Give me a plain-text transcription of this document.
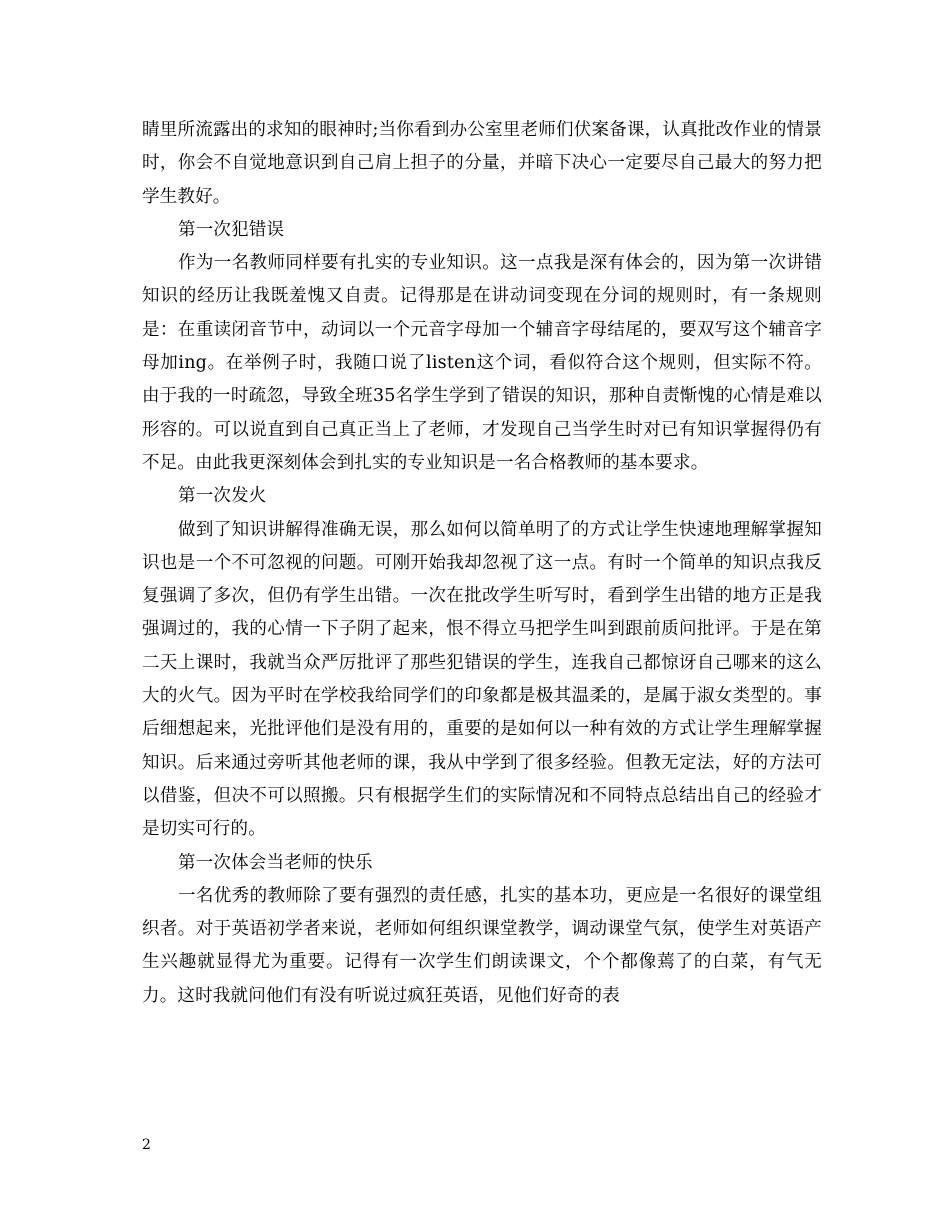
睛里所流露出的求知的眼神时;当你看到办公室里老师们伏案备课，认真批改作业的情景时，你会不自觉地意识到自己肩上担子的分量，并暗下决心一定要尽自己最大的努力把学生教好。

第一次犯错误

作为一名教师同样要有扎实的专业知识。这一点我是深有体会的，因为第一次讲错知识的经历让我既羞愧又自责。记得那是在讲动词变现在分词的规则时，有一条规则是：在重读闭音节中，动词以一个元音字母加一个辅音字母结尾的，要双写这个辅音字母加ing。在举例子时，我随口说了listen这个词，看似符合这个规则，但实际不符。由于我的一时疏忽，导致全班35名学生学到了错误的知识，那种自责惭愧的心情是难以形容的。可以说直到自己真正当上了老师，才发现自己当学生时对已有知识掌握得仍有不足。由此我更深刻体会到扎实的专业知识是一名合格教师的基本要求。

第一次发火

做到了知识讲解得准确无误，那么如何以简单明了的方式让学生快速地理解掌握知识也是一个不可忽视的问题。可刚开始我却忽视了这一点。有时一个简单的知识点我反复强调了多次，但仍有学生出错。一次在批改学生听写时，看到学生出错的地方正是我强调过的，我的心情一下子阴了起来，恨不得立马把学生叫到跟前质问批评。于是在第二天上课时，我就当众严厉批评了那些犯错误的学生，连我自己都惊讶自己哪来的这么大的火气。因为平时在学校我给同学们的印象都是极其温柔的，是属于淑女类型的。事后细想起来，光批评他们是没有用的，重要的是如何以一种有效的方式让学生理解掌握知识。后来通过旁听其他老师的课，我从中学到了很多经验。但教无定法，好的方法可以借鉴，但决不可以照搬。只有根据学生们的实际情况和不同特点总结出自己的经验才是切实可行的。

第一次体会当老师的快乐

一名优秀的教师除了要有强烈的责任感，扎实的基本功，更应是一名很好的课堂组织者。对于英语初学者来说，老师如何组织课堂教学，调动课堂气氛，使学生对英语产生兴趣就显得尤为重要。记得有一次学生们朗读课文，个个都像蔫了的白菜，有气无力。这时我就问他们有没有听说过疯狂英语，见他们好奇的表

2
